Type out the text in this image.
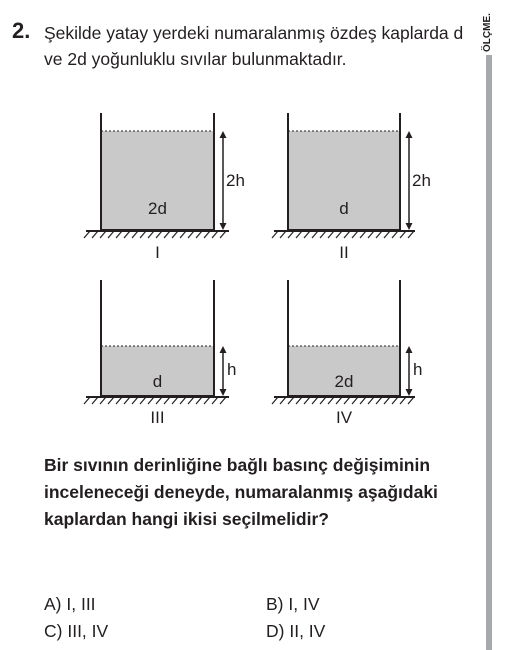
2. Şekilde yatay yerdeki numaralanmış özdeş kaplarda d ve 2d yoğunluklu sıvılar bulunmaktadır.

ÖLÇME.
2h
2d
I
2h
d
II
h
d
III
h
2d
IV

Bir sıvının derinliğine bağlı basınç değişiminin inceleneceği deneyde, numaralanmış aşağıdaki kaplardan hangi ikisi seçilmelidir?

A) I, III	B) I, IV
C) III, IV	D) II, IV
